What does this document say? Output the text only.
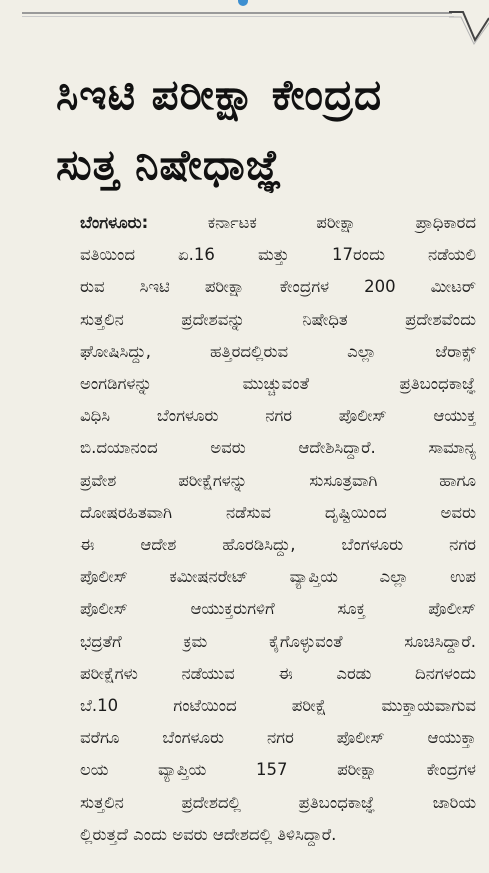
ಸಿಇಟಿ ಪರೀಕ್ಷಾ ಕೇಂದ್ರದ
ಸುತ್ತ ನಿಷೇಧಾಜ್ಞೆ
ಬೆಂಗಳೂರು:	ಕರ್ನಾಟಕ ಪರೀಕ್ಷಾ ಪ್ರಾಧಿಕಾರದ
ವತಿಯಿಂದ ಏ.16 ಮತ್ತು 17ರಂದು ನಡೆಯಲಿ
ರುವ ಸಿಇಟಿ ಪರೀಕ್ಷಾ ಕೇಂದ್ರಗಳ 200 ಮೀಟರ್
ಸುತ್ತಲಿನ ಪ್ರದೇಶವನ್ನು ನಿಷೇಧಿತ ಪ್ರದೇಶವೆಂದು
ಘೋಷಿಸಿದ್ದು, ಹತ್ತಿರದಲ್ಲಿರುವ ಎಲ್ಲಾ ಜೆರಾಕ್ಸ್
ಅಂಗಡಿಗಳನ್ನು ಮುಚ್ಚುವಂತೆ ಪ್ರತಿಬಂಧಕಾಜ್ಞೆ
ವಿಧಿಸಿ ಬೆಂಗಳೂರು ನಗರ ಪೊಲೀಸ್ ಆಯುಕ್ತ
ಬಿ.ದಯಾನಂದ ಅವರು ಆದೇಶಿಸಿದ್ದಾರೆ. ಸಾಮಾನ್ಯ
ಪ್ರವೇಶ ಪರೀಕ್ಷೆಗಳನ್ನು ಸುಸೂತ್ರವಾಗಿ ಹಾಗೂ
ದೋಷರಹಿತವಾಗಿ ನಡೆಸುವ ದೃಷ್ಟಿಯಿಂದ ಅವರು
ಈ ಆದೇಶ ಹೊರಡಿಸಿದ್ದು, ಬೆಂಗಳೂರು ನಗರ
ಪೊಲೀಸ್ ಕಮೀಷನರೇಟ್ ವ್ಯಾಪ್ತಿಯ ಎಲ್ಲಾ ಉಪ
ಪೊಲೀಸ್ ಆಯುಕ್ತರುಗಳಿಗೆ ಸೂಕ್ತ ಪೊಲೀಸ್
ಭದ್ರತೆಗೆ ಕ್ರಮ ಕೈಗೊಳ್ಳುವಂತೆ ಸೂಚಿಸಿದ್ದಾರೆ.
ಪರೀಕ್ಷೆಗಳು ನಡೆಯುವ ಈ ಎರಡು ದಿನಗಳಂದು
ಬೆ.10 ಗಂಟೆಯಿಂದ ಪರೀಕ್ಷೆ ಮುಕ್ತಾಯವಾಗುವ
ವರೆಗೂ ಬೆಂಗಳೂರು ನಗರ ಪೊಲೀಸ್ ಆಯುಕ್ತಾ
ಲಯ ವ್ಯಾಪ್ತಿಯ 157 ಪರೀಕ್ಷಾ ಕೇಂದ್ರಗಳ
ಸುತ್ತಲಿನ ಪ್ರದೇಶದಲ್ಲಿ ಪ್ರತಿಬಂಧಕಾಜ್ಞೆ ಜಾರಿಯ
ಲ್ಲಿರುತ್ತದೆ ಎಂದು ಅವರು ಆದೇಶದಲ್ಲಿ ತಿಳಿಸಿದ್ದಾರೆ.
